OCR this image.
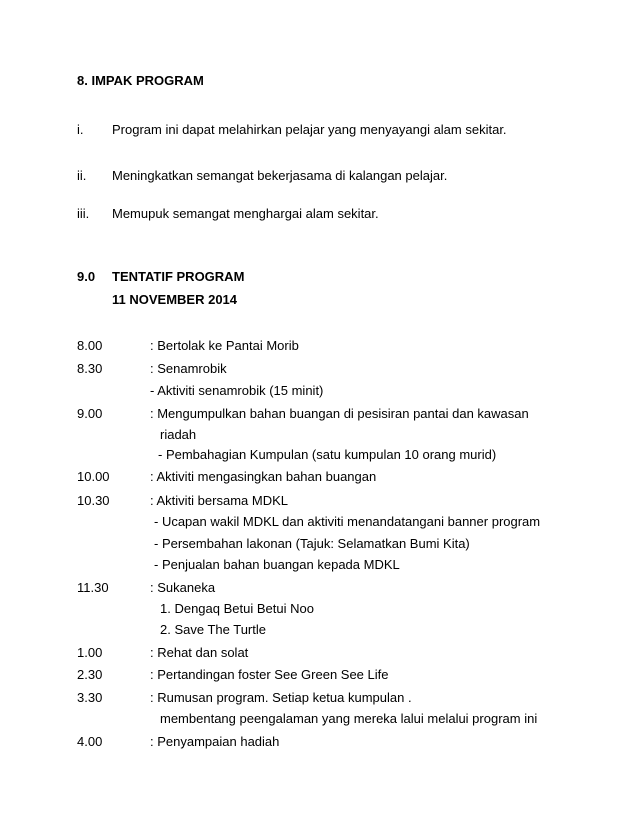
8. IMPAK PROGRAM
i. Program ini dapat melahirkan pelajar yang menyayangi alam sekitar.
ii. Meningkatkan semangat bekerjasama di kalangan pelajar.
iii. Memupuk semangat menghargai alam sekitar.
9.0 TENTATIF PROGRAM
11 NOVEMBER 2014
8.00	: Bertolak ke Pantai Morib
8.30	: Senamrobik
- Aktiviti senamrobik (15 minit)
9.00	: Mengumpulkan bahan buangan di pesisiran pantai dan kawasan
riadah
- Pembahagian Kumpulan (satu kumpulan 10 orang murid)
10.00	: Aktiviti mengasingkan bahan buangan
10.30	: Aktiviti bersama MDKL
- Ucapan wakil MDKL dan aktiviti menandatangani banner program
- Persembahan lakonan (Tajuk: Selamatkan Bumi Kita)
- Penjualan bahan buangan kepada MDKL
11.30	: Sukaneka
1. Dengaq Betui Betui Noo
2. Save The Turtle
1.00	: Rehat dan solat
2.30	: Pertandingan foster See Green See Life
3.30	: Rumusan program. Setiap ketua kumpulan .
membentang peengalaman yang mereka lalui melalui program ini
4.00	: Penyampaian hadiah
